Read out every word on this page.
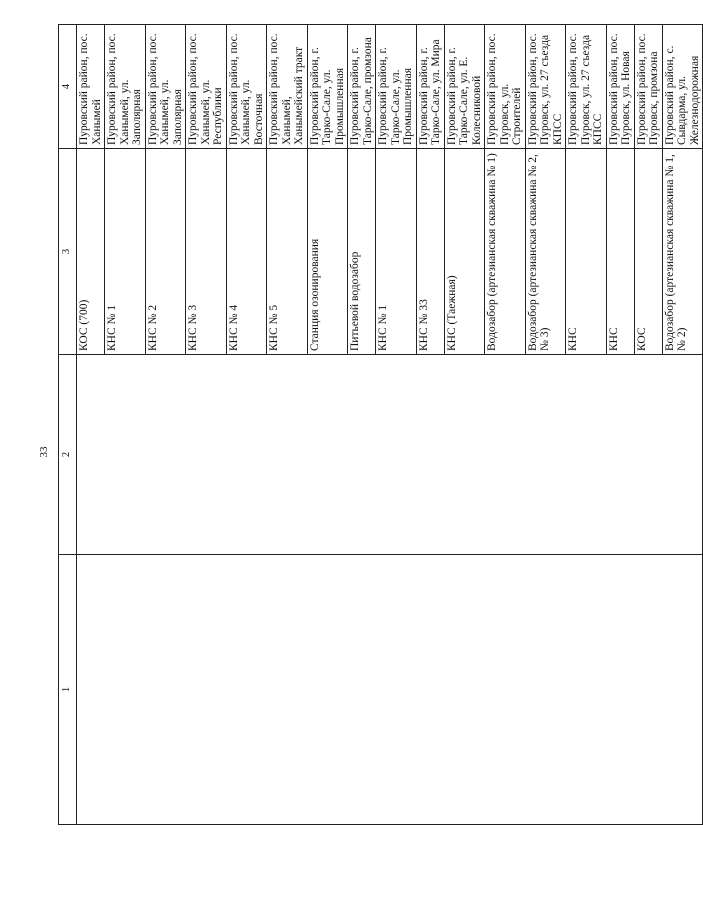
33
1	2	3	4
		КОС (700)	Пуровский район, пос. Ханымей
		КНС № 1	Пуровский район, пос. Ханымей, ул. Заполярная
		КНС № 2	Пуровский район, пос. Ханымей, ул. Заполярная
		КНС № 3	Пуровский район, пос. Ханымей, ул. Республики
		КНС № 4	Пуровский район, пос. Ханымей, ул. Восточная
		КНС № 5	Пуровский район, пос. Ханымей, Ханымейский тракт
		Станция озонирования	Пуровский район, г. Тарко-Сале, ул. Промышленная
		Питьевой водозабор	Пуровский район, г. Тарко-Сале, промзона
		КНС № 1	Пуровский район, г. Тарко-Сале, ул. Промышленная
		КНС № 33	Пуровский район, г. Тарко-Сале, ул. Мира
		КНС (Таежная)	Пуровский район, г. Тарко-Сале, ул. Е. Колесниковой
		Водозабор (артезианская скважина № 1)	Пуровский район, пос. Пуровск, ул. Строителей
		Водозабор (артезианская скважина № 2, № 3)	Пуровский район, пос. Пуровск, ул. 27 съезда КПСС
		КНС	Пуровский район, пос. Пуровск, ул. 27 съезда КПСС
		КНС	Пуровский район, пос. Пуровск, ул. Новая
		КОС	Пуровский район, пос. Пуровск, промзона
		Водозабор (артезианская скважина № 1, № 2)	Пуровский район, с. Сывдарма, ул. Железнодорожная
